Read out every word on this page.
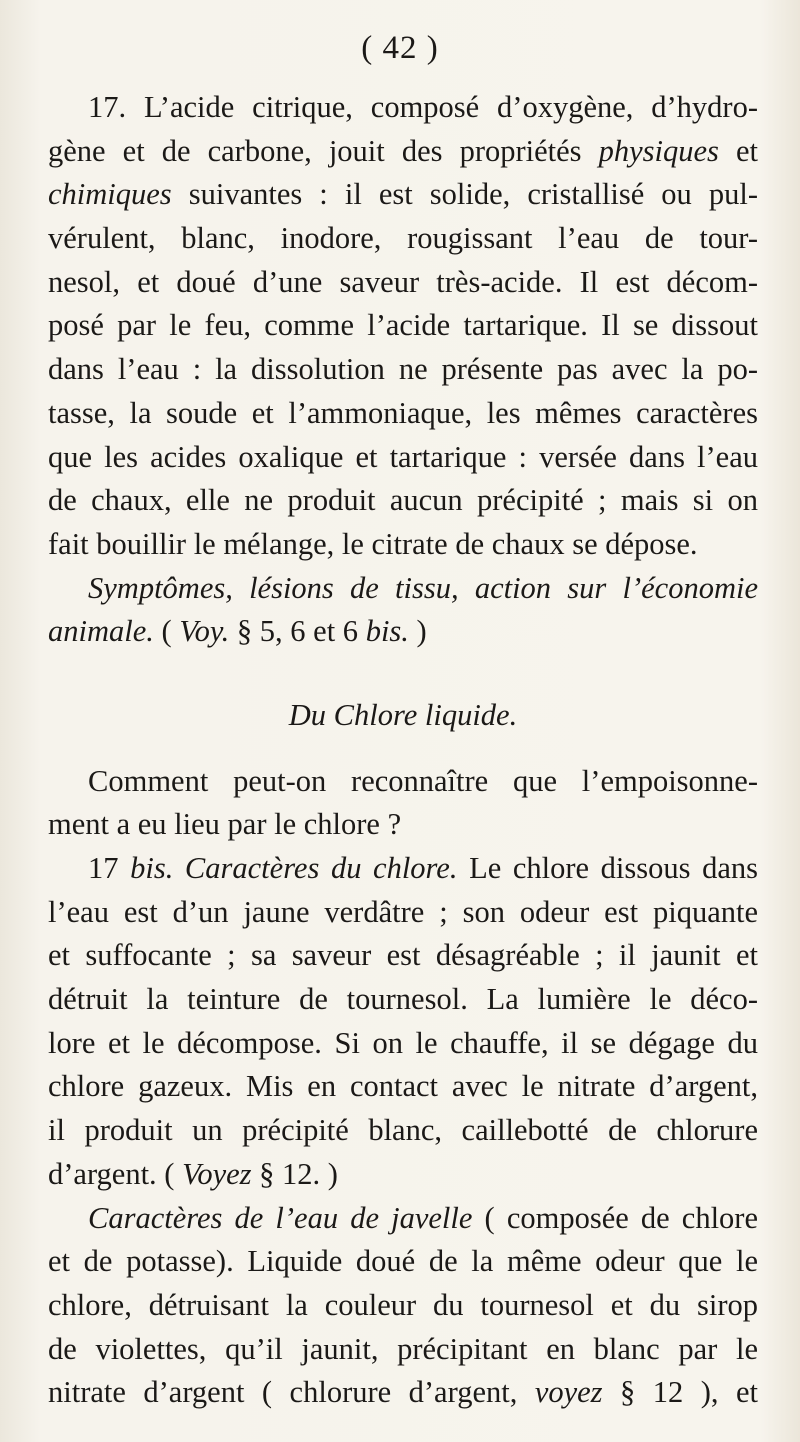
( 42 )
17. L’acide citrique, composé d’oxygène, d’hydro-
gène et de carbone, jouit des propriétés physiques et
chimiques suivantes : il est solide, cristallisé ou pul-
vérulent, blanc, inodore, rougissant l’eau de tour-
nesol, et doué d’une saveur très-acide. Il est décom-
posé par le feu, comme l’acide tartarique. Il se dissout
dans l’eau : la dissolution ne présente pas avec la po-
tasse, la soude et l’ammoniaque, les mêmes caractères
que les acides oxalique et tartarique : versée dans l’eau
de chaux, elle ne produit aucun précipité ; mais si on
fait bouillir le mélange, le citrate de chaux se dépose.
Symptômes, lésions de tissu, action sur l’économie
animale. ( Voy. § 5, 6 et 6 bis. )
Du Chlore liquide.
Comment peut-on reconnaître que l’empoisonne-
ment a eu lieu par le chlore ?
17 bis. Caractères du chlore. Le chlore dissous dans
l’eau est d’un jaune verdâtre ; son odeur est piquante
et suffocante ; sa saveur est désagréable ; il jaunit et
détruit la teinture de tournesol. La lumière le déco-
lore et le décompose. Si on le chauffe, il se dégage du
chlore gazeux. Mis en contact avec le nitrate d’argent,
il produit un précipité blanc, caillebotté de chlorure
d’argent. ( Voyez § 12. )
Caractères de l’eau de javelle ( composée de chlore
et de potasse). Liquide doué de la même odeur que le
chlore, détruisant la couleur du tournesol et du sirop
de violettes, qu’il jaunit, précipitant en blanc par le
nitrate d’argent ( chlorure d’argent, voyez § 12 ), et
